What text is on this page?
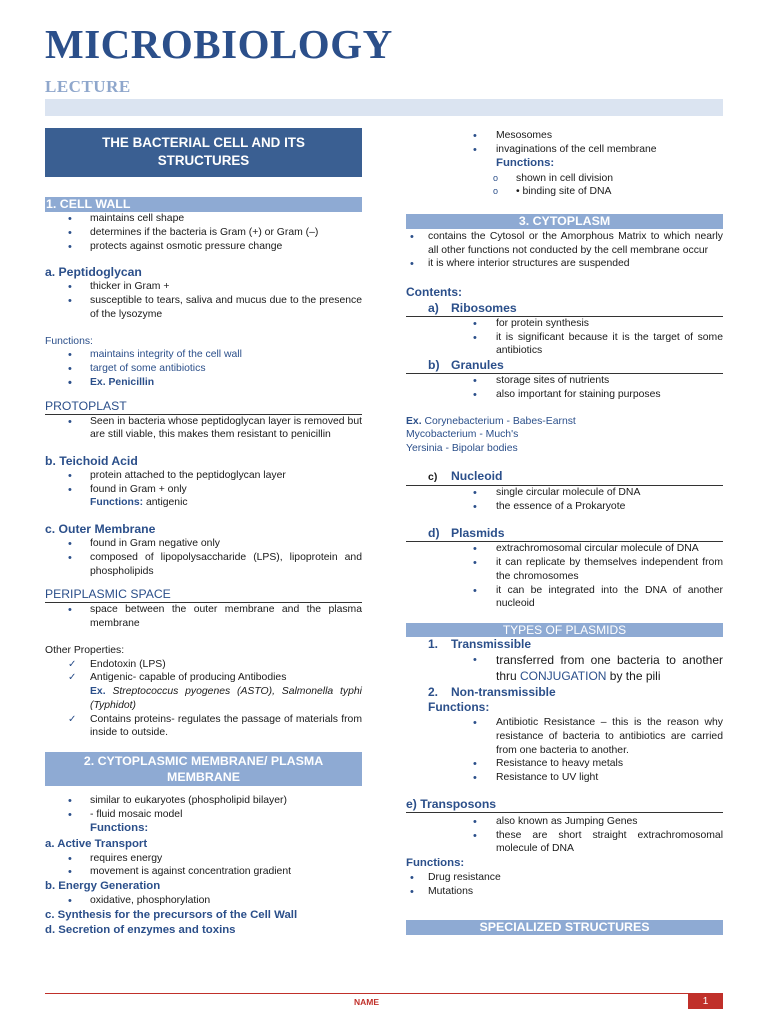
MICROBIOLOGY
LECTURE
THE BACTERIAL CELL AND ITS STRUCTURES
1. CELL WALL
• maintains cell shape
• determines if the bacteria is Gram (+) or Gram (–)
• protects against osmotic pressure change
a. Peptidoglycan
• thicker in Gram +
• susceptible to tears, saliva and mucus due to the presence of the lysozyme
Functions:
• maintains integrity of the cell wall
• target of some antibiotics
• Ex. Penicillin
PROTOPLAST
• Seen in bacteria whose peptidoglycan layer is removed but are still viable, this makes them resistant to penicillin
b. Teichoid Acid
• protein attached to the peptidoglycan layer
• found in Gram + only
Functions: antigenic
c. Outer Membrane
• found in Gram negative only
• composed of lipopolysaccharide (LPS), lipoprotein and phospholipids
PERIPLASMIC SPACE
• space between the outer membrane and the plasma membrane
Other Properties:
✓ Endotoxin (LPS)
✓ Antigenic- capable of producing Antibodies
Ex. Streptococcus pyogenes (ASTO), Salmonella typhi (Typhidot)
✓ Contains proteins- regulates the passage of materials from inside to outside.
2. CYTOPLASMIC MEMBRANE/ PLASMA MEMBRANE
• similar to eukaryotes (phospholipid bilayer)
• - fluid mosaic model
Functions:
a. Active Transport
• requires energy
• movement is against concentration gradient
b. Energy Generation
• oxidative, phosphorylation
c. Synthesis for the precursors of the Cell Wall
d. Secretion of enzymes and toxins
• Mesosomes
• invaginations of the cell membrane
Functions:
o shown in cell division
o • binding site of DNA
3. CYTOPLASM
• contains the Cytosol or the Amorphous Matrix to which nearly all other functions not conducted by the cell membrane occur
• it is where interior structures are suspended
Contents:
a) Ribosomes
• for protein synthesis
• it is significant because it is the target of some antibiotics
b) Granules
• storage sites of nutrients
• also important for staining purposes
Ex. Corynebacterium - Babes-Earnst
Mycobacterium - Much's
Yersinia - Bipolar bodies
c) Nucleoid
• single circular molecule of DNA
• the essence of a Prokaryote
d) Plasmids
• extrachromosomal circular molecule of DNA
• it can replicate by themselves independent from the chromosomes
• it can be integrated into the DNA of another nucleoid
TYPES OF PLASMIDS
1. Transmissible
• transferred from one bacteria to another thru CONJUGATION by the pili
2. Non-transmissible
Functions:
• Antibiotic Resistance – this is the reason why resistance of bacteria to antibiotics are carried from one bacteria to another.
• Resistance to heavy metals
• Resistance to UV light
e) Transposons
• also known as Jumping Genes
• these are short straight extrachromosomal molecule of DNA
Functions:
• Drug resistance
• Mutations
SPECIALIZED STRUCTURES
NAME	1
